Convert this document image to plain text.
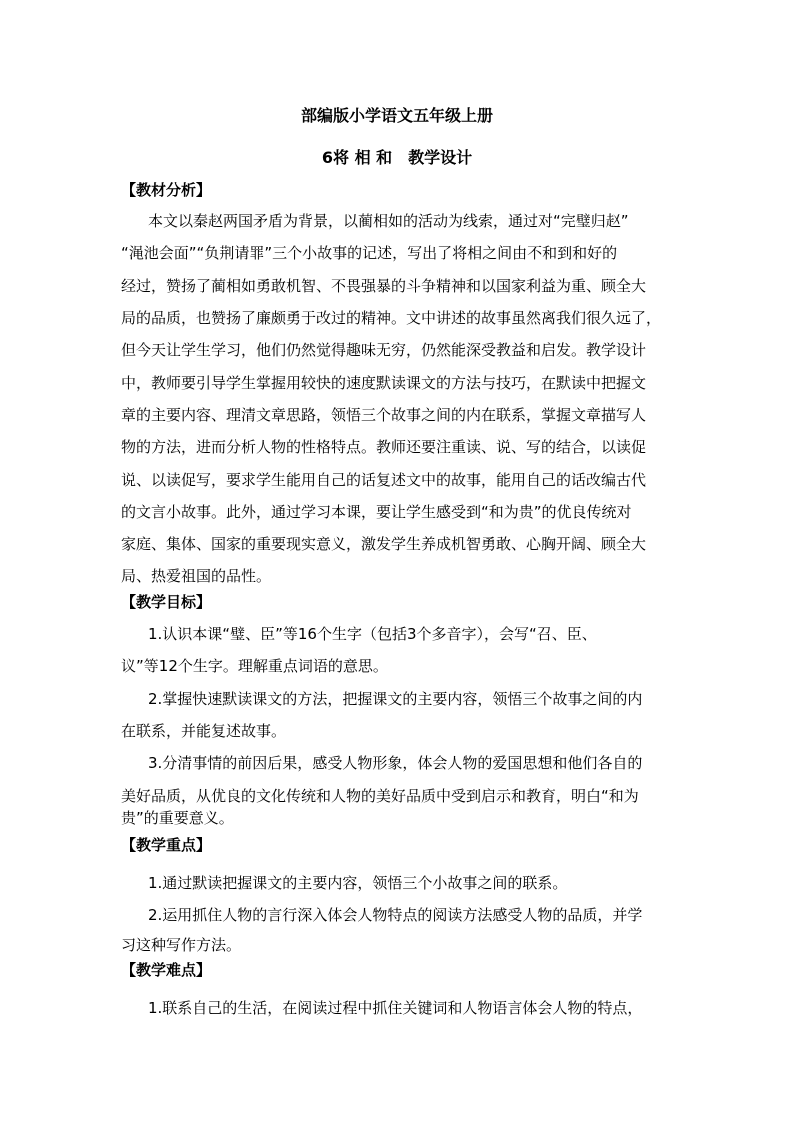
部编版小学语文五年级上册
6将 相 和　教学设计
【教材分析】
本文以秦赵两国矛盾为背景，以蔺相如的活动为线索，通过对“完璧归赵”
“渑池会面”“负荆请罪”三个小故事的记述，写出了将相之间由不和到和好的
经过，赞扬了蔺相如勇敢机智、不畏强暴的斗争精神和以国家利益为重、顾全大
局的品质，也赞扬了廉颇勇于改过的精神。文中讲述的故事虽然离我们很久远了，
但今天让学生学习，他们仍然觉得趣味无穷，仍然能深受教益和启发。教学设计
中，教师要引导学生掌握用较快的速度默读课文的方法与技巧，在默读中把握文
章的主要内容、理清文章思路，领悟三个故事之间的内在联系，掌握文章描写人
物的方法，进而分析人物的性格特点。教师还要注重读、说、写的结合，以读促
说、以读促写，要求学生能用自己的话复述文中的故事，能用自己的话改编古代
的文言小故事。此外，通过学习本课，要让学生感受到“和为贵”的优良传统对
家庭、集体、国家的重要现实意义，激发学生养成机智勇敢、心胸开阔、顾全大
局、热爱祖国的品性。
【教学目标】
1.认识本课“璧、臣”等16个生字（包括3个多音字），会写“召、臣、
议”等12个生字。理解重点词语的意思。
2.掌握快速默读课文的方法，把握课文的主要内容，领悟三个故事之间的内
在联系，并能复述故事。
3.分清事情的前因后果，感受人物形象，体会人物的爱国思想和他们各自的
美好品质，从优良的文化传统和人物的美好品质中受到启示和教育，明白“和为
贵”的重要意义。
【教学重点】
1.通过默读把握课文的主要内容，领悟三个小故事之间的联系。
2.运用抓住人物的言行深入体会人物特点的阅读方法感受人物的品质，并学
习这种写作方法。
【教学难点】
1.联系自己的生活，在阅读过程中抓住关键词和人物语言体会人物的特点，
